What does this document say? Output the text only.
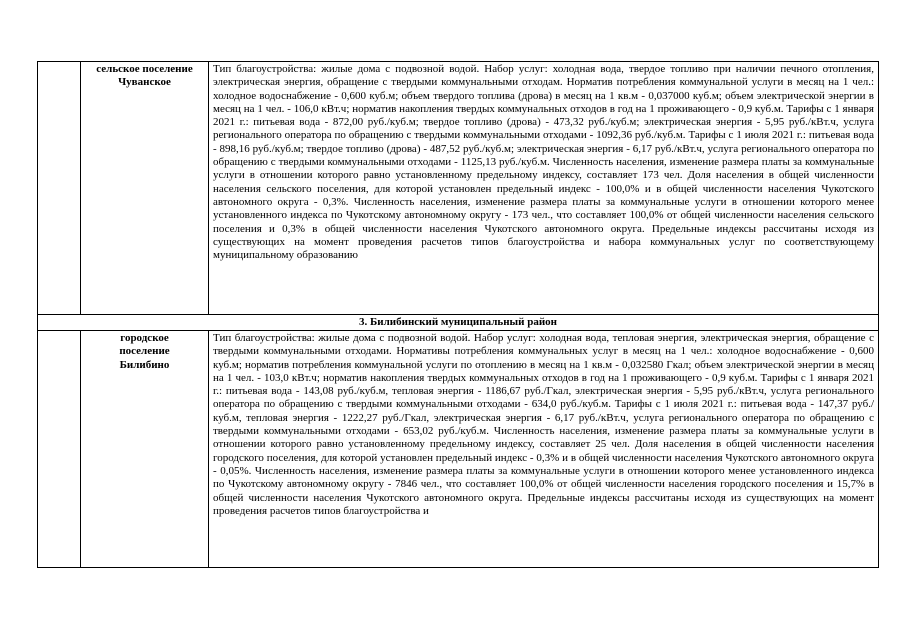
	сельское поселение Чуванское	Тип благоустройства: жилые дома с подвозной водой. Набор услуг: холодная вода, твердое топливо при наличии печного отопления, электрическая энергия, обращение с твердыми коммунальными отходам. Норматив потребления коммунальной услуги в месяц на 1 чел.: холодное водоснабжение - 0,600 куб.м; объем твердого топлива (дрова) в месяц на 1 кв.м - 0,037000 куб.м; объем электрической энергии в месяц на 1 чел. - 106,0 кВт.ч; норматив накопления твердых коммунальных отходов в год на 1 проживающего - 0,9 куб.м. Тарифы с 1 января 2021 г.: питьевая вода - 872,00 руб./куб.м; твердое топливо (дрова) - 473,32 руб./куб.м; электрическая энергия - 5,95 руб./кВт.ч, услуга регионального оператора по обращению с твердыми коммунальными отходами - 1092,36 руб./куб.м. Тарифы с 1 июля 2021 г.: питьевая вода - 898,16 руб./куб.м; твердое топливо (дрова) - 487,52 руб./куб.м; электрическая энергия - 6,17 руб./кВт.ч, услуга регионального оператора по обращению с твердыми коммунальными отходами - 1125,13 руб./куб.м. Численность населения, изменение размера платы за коммунальные услуги в отношении которого равно установленному предельному индексу, составляет 173 чел. Доля населения в общей численности населения сельского поселения, для которой установлен предельный индекс - 100,0% и в общей численности населения Чукотского автономного округа - 0,3%. Численность населения, изменение размера платы за коммунальные услуги в отношении которого менее установленного индекса по Чукотскому автономному округу - 173 чел., что составляет 100,0% от общей численности населения сельского поселения и 0,3% в общей численности населения Чукотского автономного округа. Предельные индексы рассчитаны исходя из существующих на момент проведения расчетов типов благоустройства и набора коммунальных услуг по соответствующему муниципальному образованию

3. Билибинский муниципальный район		

	городское поселение Билибино	Тип благоустройства: жилые дома с подвозной водой. Набор услуг: холодная вода, тепловая энергия, электрическая энергия, обращение с твердыми коммунальными отходами. Нормативы потребления коммунальных услуг в месяц на 1 чел.: холодное водоснабжение - 0,600 куб.м; норматив потребления коммунальной услуги по отоплению в месяц на 1 кв.м - 0,032580 Гкал; объем электрической энергии в месяц на 1 чел. - 103,0 кВт.ч; норматив накопления твердых коммунальных отходов в год на 1 проживающего - 0,9 куб.м. Тарифы с 1 января 2021 г.: питьевая вода - 143,08 руб./куб.м, тепловая энергия - 1186,67 руб./Гкал, электрическая энергия - 5,95 руб./кВт.ч, услуга регионального оператора по обращению с твердыми коммунальными отходами - 634,0 руб./куб.м. Тарифы с 1 июля 2021 г.: питьевая вода - 147,37 руб./куб.м, тепловая энергия - 1222,27 руб./Гкал, электрическая энергия - 6,17 руб./кВт.ч, услуга регионального оператора по обращению с твердыми коммунальными отходами - 653,02 руб./куб.м. Численность населения, изменение размера платы за коммунальные услуги в отношении которого равно установленному предельному индексу, составляет 25 чел. Доля населения в общей численности населения городского поселения, для которой установлен предельный индекс - 0,3% и в общей численности населения Чукотского автономного округа - 0,05%. Численность населения, изменение размера платы за коммунальные услуги в отношении которого менее установленного индекса по Чукотскому автономному округу - 7846 чел., что составляет 100,0% от общей численности населения городского поселения и 15,7% в общей численности населения Чукотского автономного округа. Предельные индексы рассчитаны исходя из существующих на момент проведения расчетов типов благоустройства и
